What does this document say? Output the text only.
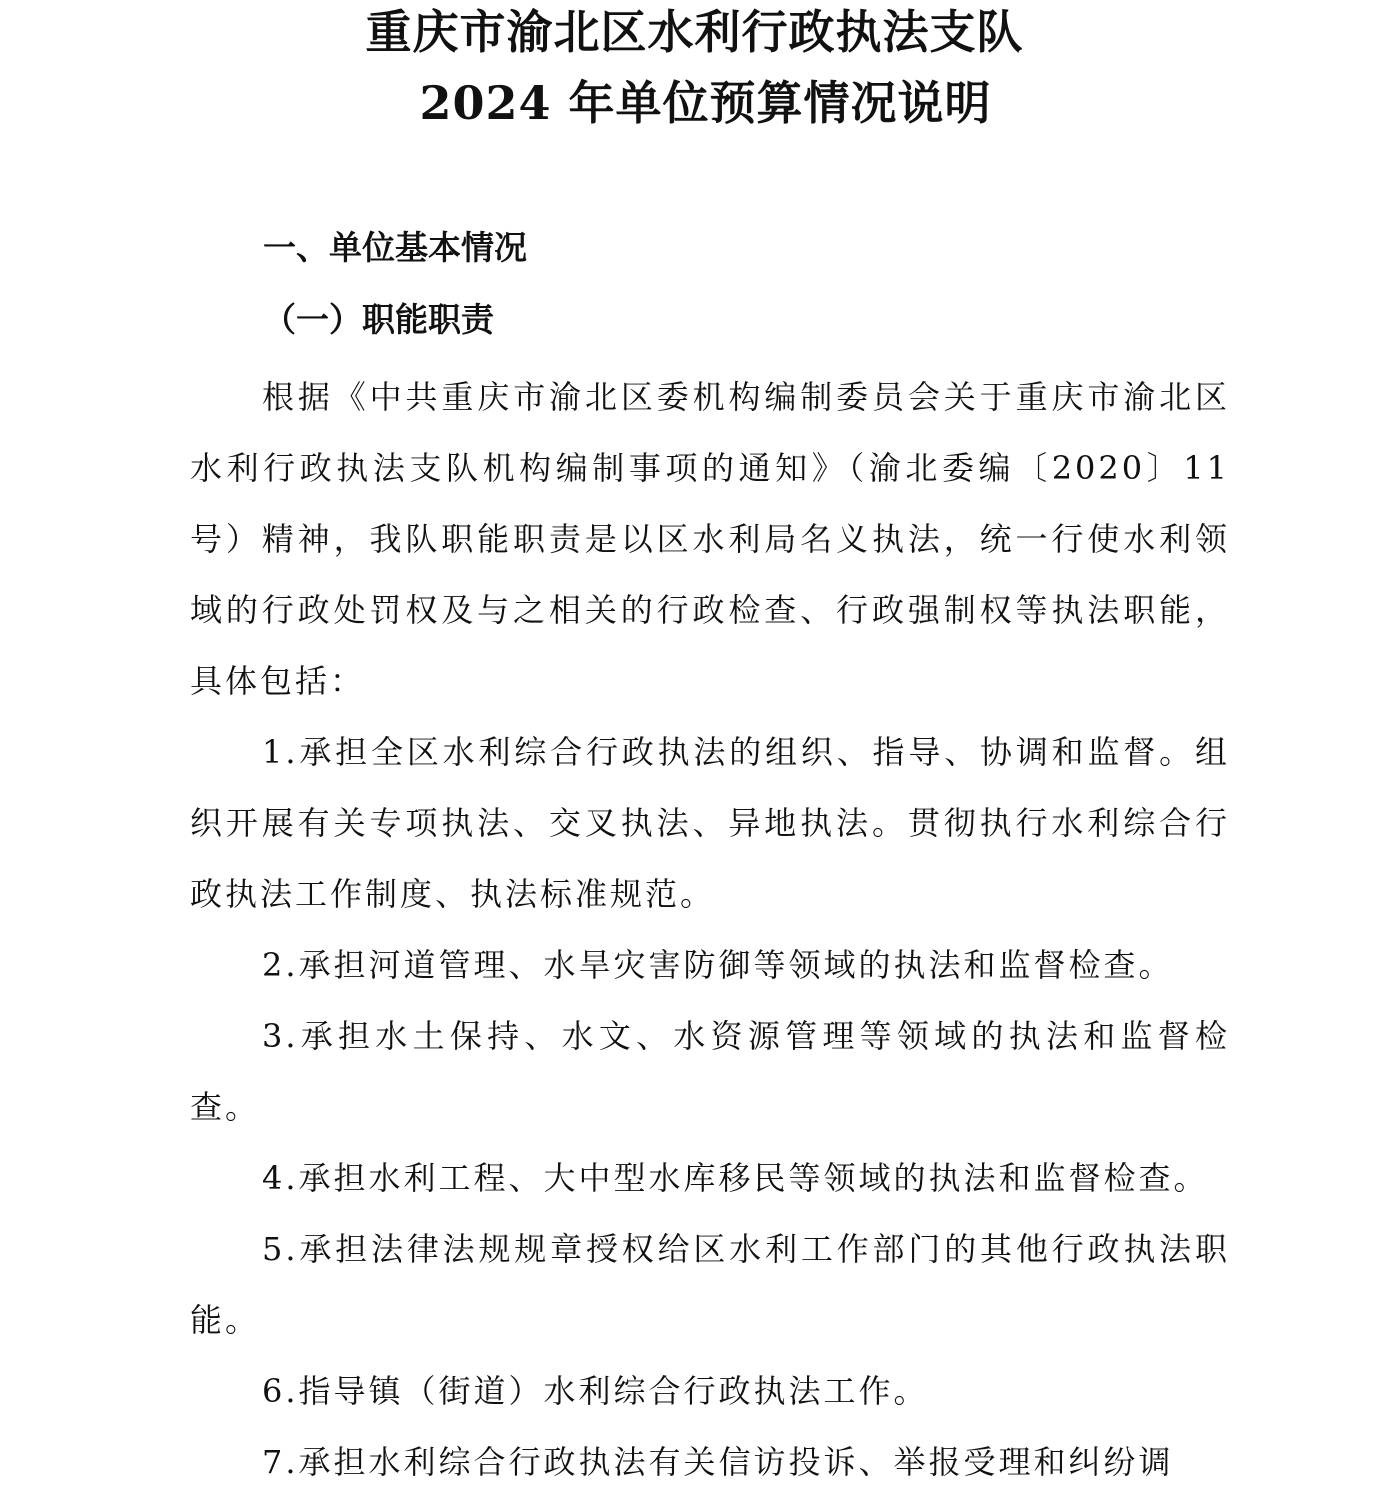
重庆市渝北区水利行政执法支队
2024 年单位预算情况说明
一、单位基本情况
（一）职能职责

根据《中共重庆市渝北区委机构编制委员会关于重庆市渝北区水利行政执法支队机构编制事项的通知》（渝北委编〔2020〕11 号）精神，我队职能职责是以区水利局名义执法，统一行使水利领域的行政处罚权及与之相关的行政检查、行政强制权等执法职能，具体包括：

1.承担全区水利综合行政执法的组织、指导、协调和监督。组织开展有关专项执法、交叉执法、异地执法。贯彻执行水利综合行政执法工作制度、执法标准规范。

2.承担河道管理、水旱灾害防御等领域的执法和监督检查。

3.承担水土保持、水文、水资源管理等领域的执法和监督检查。

4.承担水利工程、大中型水库移民等领域的执法和监督检查。

5.承担法律法规规章授权给区水利工作部门的其他行政执法职能。

6.指导镇（街道）水利综合行政执法工作。

7.承担水利综合行政执法有关信访投诉、举报受理和纠纷调
